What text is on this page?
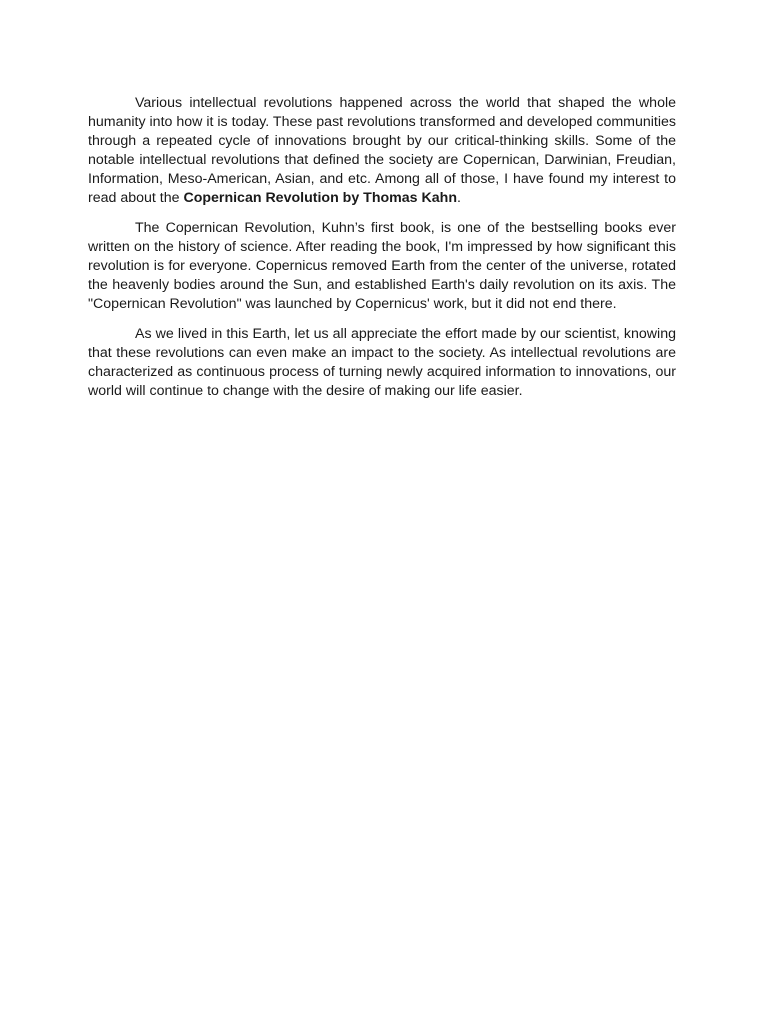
Various intellectual revolutions happened across the world that shaped the whole humanity into how it is today. These past revolutions transformed and developed communities through a repeated cycle of innovations brought by our critical-thinking skills. Some of the notable intellectual revolutions that defined the society are Copernican, Darwinian, Freudian, Information, Meso-American, Asian, and etc. Among all of those, I have found my interest to read about the Copernican Revolution by Thomas Kahn.

The Copernican Revolution, Kuhn’s first book, is one of the bestselling books ever written on the history of science. After reading the book, I'm impressed by how significant this revolution is for everyone. Copernicus removed Earth from the center of the universe, rotated the heavenly bodies around the Sun, and established Earth's daily revolution on its axis. The "Copernican Revolution" was launched by Copernicus' work, but it did not end there.

As we lived in this Earth, let us all appreciate the effort made by our scientist, knowing that these revolutions can even make an impact to the society. As intellectual revolutions are characterized as continuous process of turning newly acquired information to innovations, our world will continue to change with the desire of making our life easier.
